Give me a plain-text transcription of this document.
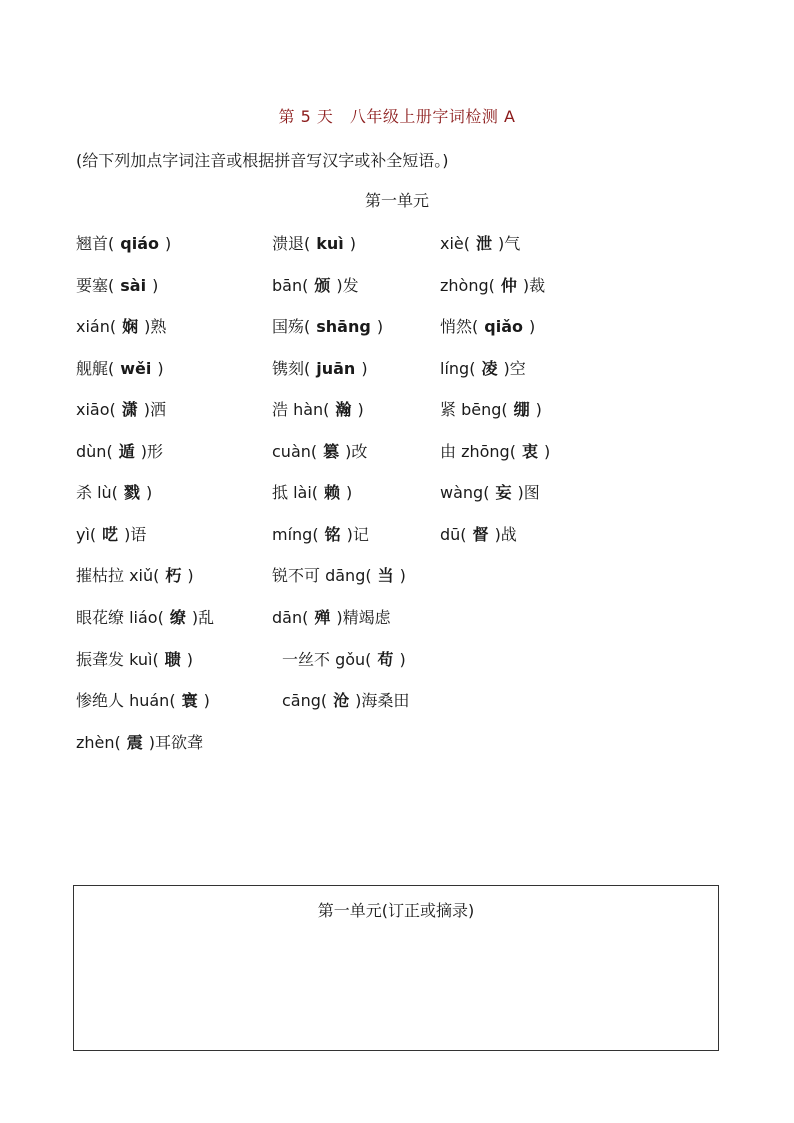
第 5 天　八年级上册字词检测 A
(给下列加点字词注音或根据拼音写汉字或补全短语。)
第一单元
翘首( qiáo )	溃退( kuì )	xiè( 泄 )气
要塞( sài )	bān( 颁 )发	zhòng( 仲 )裁
xián( 娴 )熟	国殇( shāng )	悄然( qiǎo )
舰艉( wěi )	镌刻( juān )	líng( 凌 )空
xiāo( 潇 )洒	浩 hàn( 瀚 )	紧 bēng( 绷 )
dùn( 遁 )形	cuàn( 篡 )改	由 zhōng( 衷 )
杀 lù( 戮 )	抵 lài( 赖 )	wàng( 妄 )图
yì( 呓 )语	míng( 铭 )记	dū( 督 )战
摧枯拉 xiǔ( 朽 )	锐不可 dāng( 当 )
眼花缭 liáo( 缭 )乱	dān( 殚 )精竭虑
振聋发 kuì( 聩 )	一丝不 gǒu( 苟 )
惨绝人 huán( 寰 )	cāng( 沧 )海桑田
zhèn( 震 )耳欲聋
第一单元(订正或摘录)
